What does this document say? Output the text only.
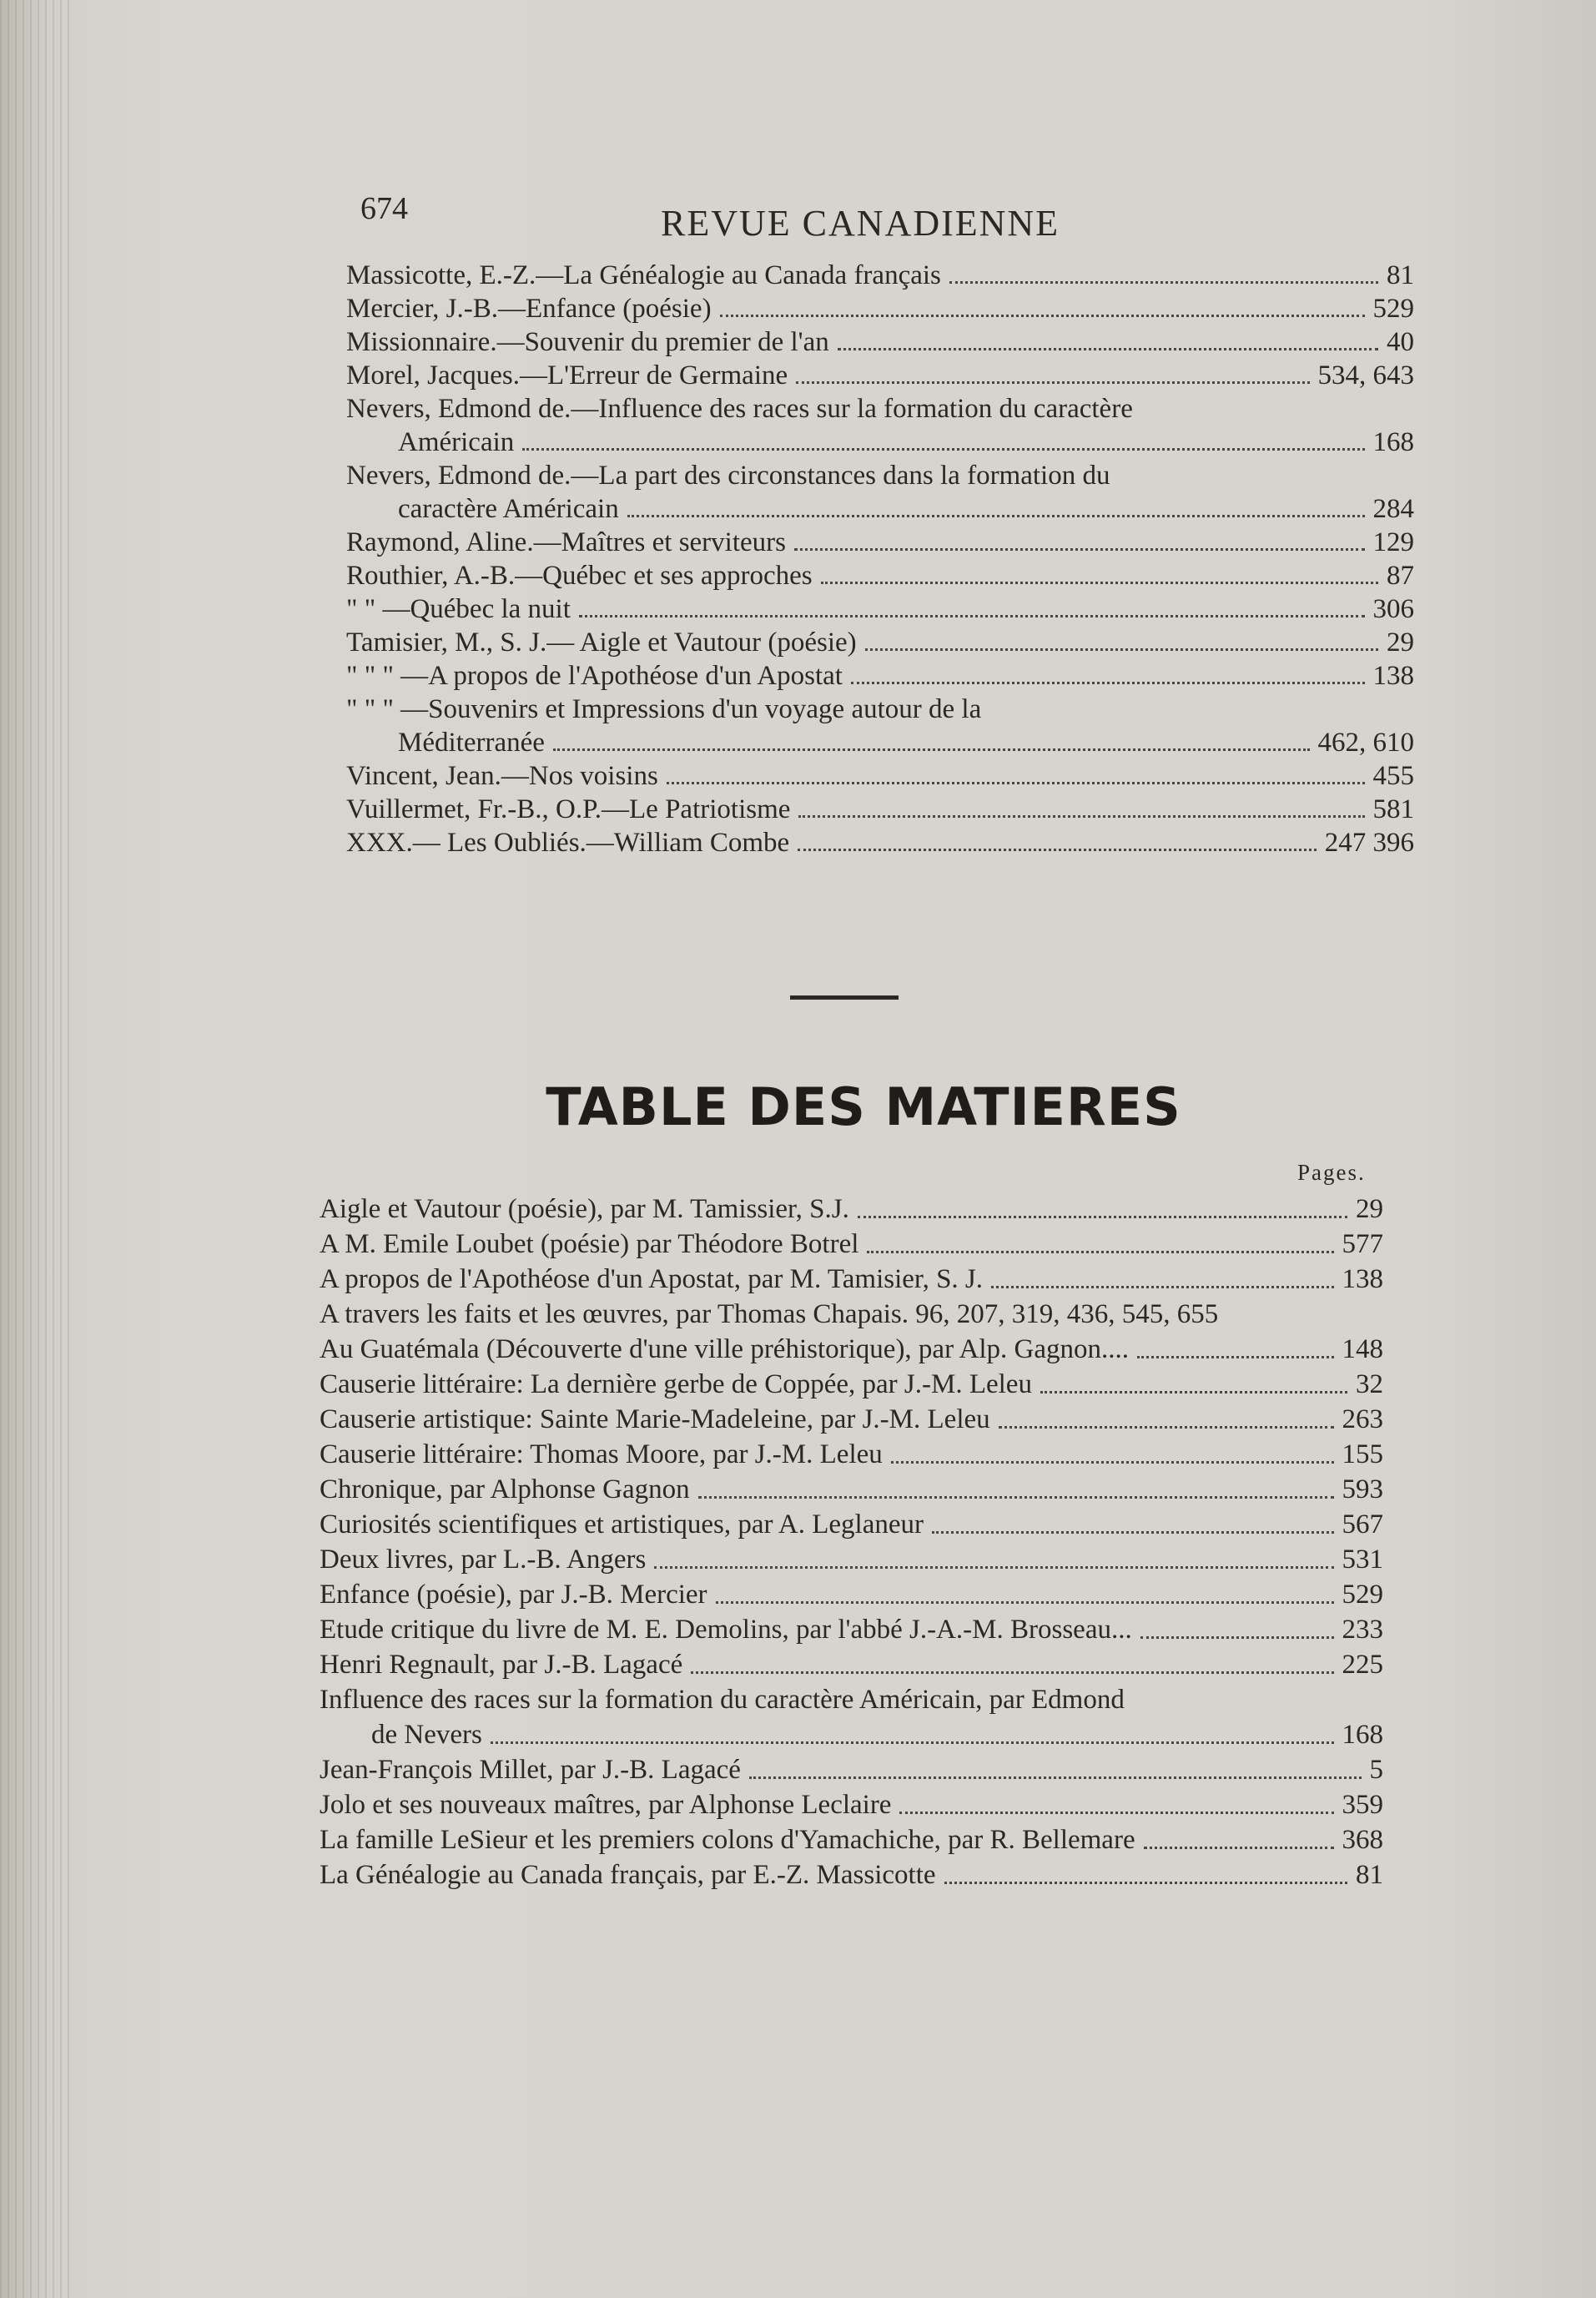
674	REVUE CANADIENNE
Massicotte, E.-Z.—La Généalogie au Canada français	81
Mercier, J.-B.—Enfance (poésie)	529
Missionnaire.—Souvenir du premier de l'an	40
Morel, Jacques.—L'Erreur de Germaine	534, 643
Nevers, Edmond de.—Influence des races sur la formation du caractère
Américain	168
Nevers, Edmond de.—La part des circonstances dans la formation du
caractère Américain	284
Raymond, Aline.—Maîtres et serviteurs	129
Routhier, A.-B.—Québec et ses approches	87
" " —Québec la nuit	306
Tamisier, M., S. J.— Aigle et Vautour (poésie)	29
" " " —A propos de l'Apothéose d'un Apostat	138
" " " —Souvenirs et Impressions d'un voyage autour de la
Méditerranée	462, 610
Vincent, Jean.—Nos voisins	455
Vuillermet, Fr.-B., O.P.—Le Patriotisme	581
XXX.— Les Oubliés.—William Combe	247 396
TABLE DES MATIERES
Pages.
Aigle et Vautour (poésie), par M. Tamissier, S.J.	29
A M. Emile Loubet (poésie) par Théodore Botrel	577
A propos de l'Apothéose d'un Apostat, par M. Tamisier, S. J.	138
A travers les faits et les œuvres, par Thomas Chapais. 96, 207, 319, 436, 545, 655
Au Guatémala (Découverte d'une ville préhistorique), par Alp. Gagnon....	148
Causerie littéraire: La dernière gerbe de Coppée, par J.-M. Leleu	32
Causerie artistique: Sainte Marie-Madeleine, par J.-M. Leleu	263
Causerie littéraire: Thomas Moore, par J.-M. Leleu	155
Chronique, par Alphonse Gagnon	593
Curiosités scientifiques et artistiques, par A. Leglaneur	567
Deux livres, par L.-B. Angers	531
Enfance (poésie), par J.-B. Mercier	529
Etude critique du livre de M. E. Demolins, par l'abbé J.-A.-M. Brosseau...	233
Henri Regnault, par J.-B. Lagacé	225
Influence des races sur la formation du caractère Américain, par Edmond
de Nevers	168
Jean-François Millet, par J.-B. Lagacé	5
Jolo et ses nouveaux maîtres, par Alphonse Leclaire	359
La famille LeSieur et les premiers colons d'Yamachiche, par R. Bellemare	368
La Généalogie au Canada français, par E.-Z. Massicotte	81
